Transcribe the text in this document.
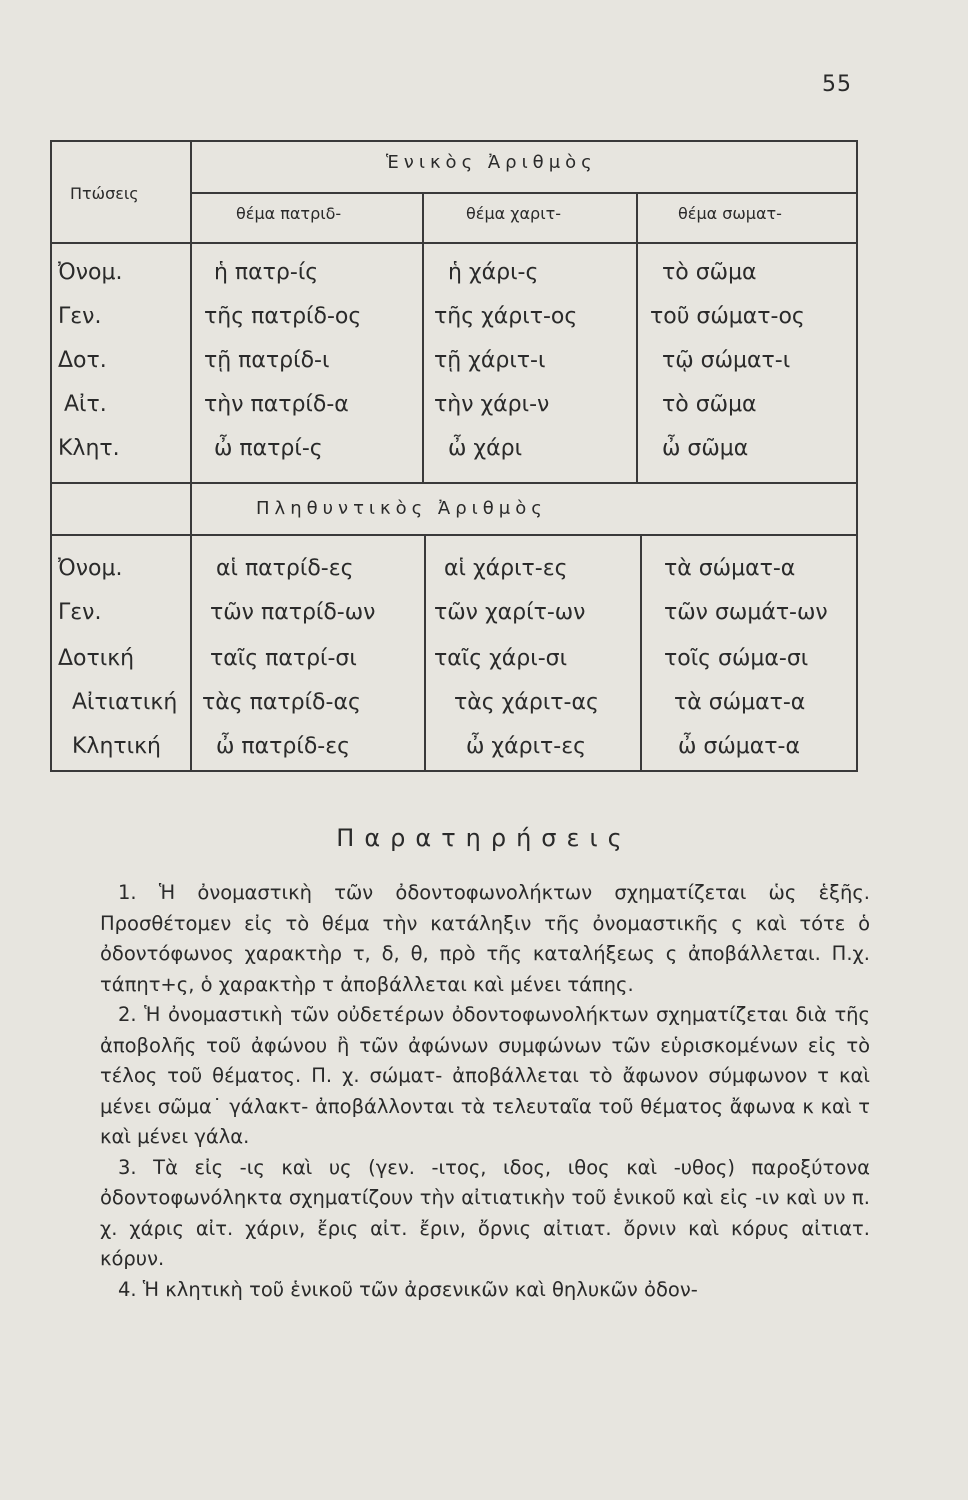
55
Πτώσεις
Ἑνικὸς Ἀριθμὸς
θέμα πατριδ-	θέμα χαριτ-	θέμα σωματ-
Πληθυντικὸς Ἀριθμὸς
Ὀνομ.	ἡ πατρ-ίς	ἡ χάρι-ς	τὸ σῶμα
Γεν.	τῆς πατρίδ-ος	τῆς χάριτ-ος	τοῦ σώματ-ος
Δοτ.	τῇ πατρίδ-ι	τῇ χάριτ-ι	τῷ σώματ-ι
Αἰτ.	τὴν πατρίδ-α	τὴν χάρι-ν	τὸ σῶμα
Κλητ.	ὦ πατρί-ς	ὦ χάρι	ὦ σῶμα
Ὀνομ.	αἱ πατρίδ-ες	αἱ χάριτ-ες	τὰ σώματ-α
Γεν.	τῶν πατρίδ-ων	τῶν χαρίτ-ων	τῶν σωμάτ-ων
Δοτική	ταῖς πατρί-σι	ταῖς χάρι-σι	τοῖς σώμα-σι
Αἰτιατική τὰς πατρίδ-ας	τὰς χάριτ-ας	τὰ σώματ-α
Κλητική	ὦ πατρίδ-ες	ὦ χάριτ-ες	ὦ σώματ-α
Παρατηρήσεις

1. Ἡ ὀνομαστικὴ τῶν ὀδοντοφωνολήκτων σχηματίζεται ὡς ἑξῆς. Προσθέτομεν εἰς τὸ θέμα τὴν κατάληξιν τῆς ὀνομαστικῆς ς καὶ τότε ὁ ὀδοντόφωνος χαρακτὴρ τ, δ, θ, πρὸ τῆς καταλήξεως ς ἀποβάλλεται. Π.χ. τάπητ+ς, ὁ χαρακτὴρ τ ἀποβάλλεται καὶ μένει τάπης.

2. Ἡ ὀνομαστικὴ τῶν οὐδετέρων ὀδοντοφωνολήκτων σχηματίζεται διὰ τῆς ἀποβολῆς τοῦ ἀφώνου ἢ τῶν ἀφώνων συμφώνων τῶν εὑρισκομένων εἰς τὸ τέλος τοῦ θέματος. Π. χ. σώματ- ἀποβάλλεται τὸ ἄφωνον σύμφωνον τ καὶ μένει σῶμα˙ γάλακτ- ἀποβάλλονται τὰ τελευταῖα τοῦ θέματος ἄφωνα κ καὶ τ καὶ μένει γάλα.

3. Τὰ εἰς -ις καὶ υς (γεν. -ιτος, ιδος, ιθος καὶ -υθος) παροξύτονα ὀδοντοφωνόληκτα σχηματίζουν τὴν αἰτιατικὴν τοῦ ἑνικοῦ καὶ εἰς -ιν καὶ υν π. χ. χάρις αἰτ. χάριν, ἔρις αἰτ. ἔριν, ὄρνις αἰτιατ. ὄρνιν καὶ κόρυς αἰτιατ. κόρυν.

4. Ἡ κλητικὴ τοῦ ἑνικοῦ τῶν ἀρσενικῶν καὶ θηλυκῶν ὀδον-
